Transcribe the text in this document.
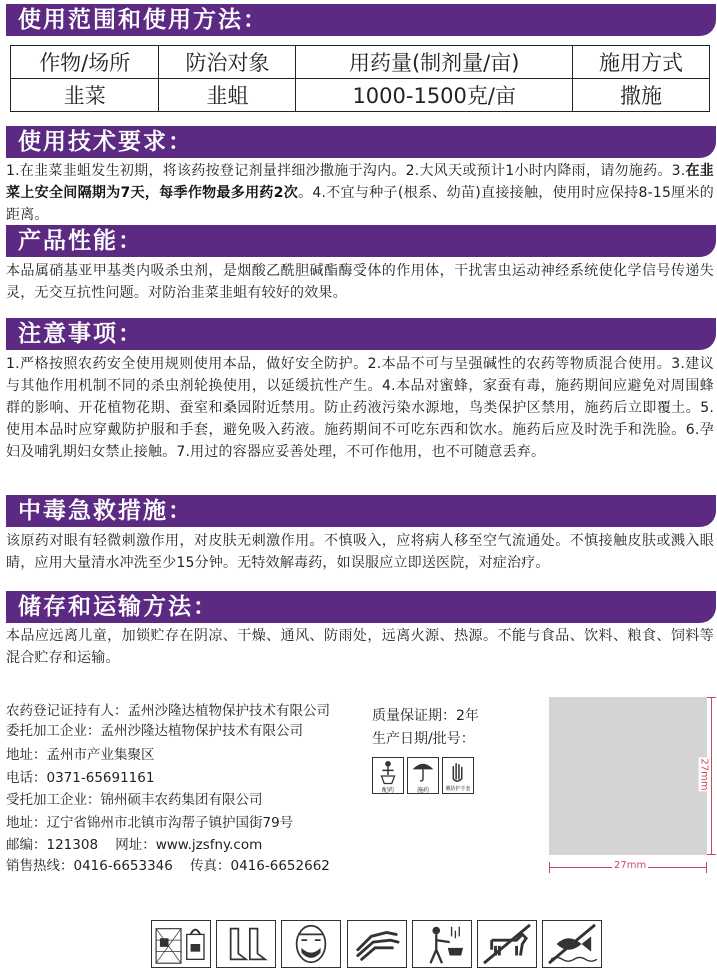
使用范围和使用方法：
作物/场所	防治对象	用药量(制剂量/亩)	施用方式
韭菜	韭蛆	1000-1500克/亩	撒施
使用技术要求：
1.在韭菜韭蛆发生初期，将该药按登记剂量拌细沙撒施于沟内。2.大风天或预计1小时内降雨，请勿施药。3.在韭菜上安全间隔期为7天，每季作物最多用药2次。4.不宜与种子(根系、幼苗)直接接触，使用时应保持8-15厘米的距离。
产品性能：
本品属硝基亚甲基类内吸杀虫剂，是烟酸乙酰胆碱酯酶受体的作用体，干扰害虫运动神经系统使化学信号传递失灵，无交互抗性问题。对防治韭菜韭蛆有较好的效果。
注意事项：
1.严格按照农药安全使用规则使用本品，做好安全防护。2.本品不可与呈强碱性的农药等物质混合使用。3.建议与其他作用机制不同的杀虫剂轮换使用，以延缓抗性产生。4.本品对蜜蜂，家蚕有毒，施药期间应避免对周围蜂群的影响、开花植物花期、蚕室和桑园附近禁用。防止药液污染水源地，鸟类保护区禁用，施药后立即覆土。5.使用本品时应穿戴防护服和手套，避免吸入药液。施药期间不可吃东西和饮水。施药后应及时洗手和洗脸。6.孕妇及哺乳期妇女禁止接触。7.用过的容器应妥善处理，不可作他用，也不可随意丢弃。
中毒急救措施：
该原药对眼有轻微刺激作用，对皮肤无刺激作用。不慎吸入，应将病人移至空气流通处。不慎接触皮肤或溅入眼睛，应用大量清水冲洗至少15分钟。无特效解毒药，如误服应立即送医院，对症治疗。
储存和运输方法：
本品应远离儿童，加锁贮存在阴凉、干燥、通风、防雨处，远离火源、热源。不能与食品、饮料、粮食、饲料等混合贮存和运输。
农药登记证持有人：孟州沙隆达植物保护技术有限公司
委托加工企业：孟州沙隆达植物保护技术有限公司
地址：孟州市产业集聚区
电话：0371-65691161
受托加工企业：锦州硕丰农药集团有限公司
地址：辽宁省锦州市北镇市沟帮子镇护国街79号
邮编：121308    网址：www.jzsfny.com
销售热线：0416-6653346    传真：0416-6652662
质量保证期：2年
生产日期/批号：
配药	施药	戴防护手套	27mm
27mm
